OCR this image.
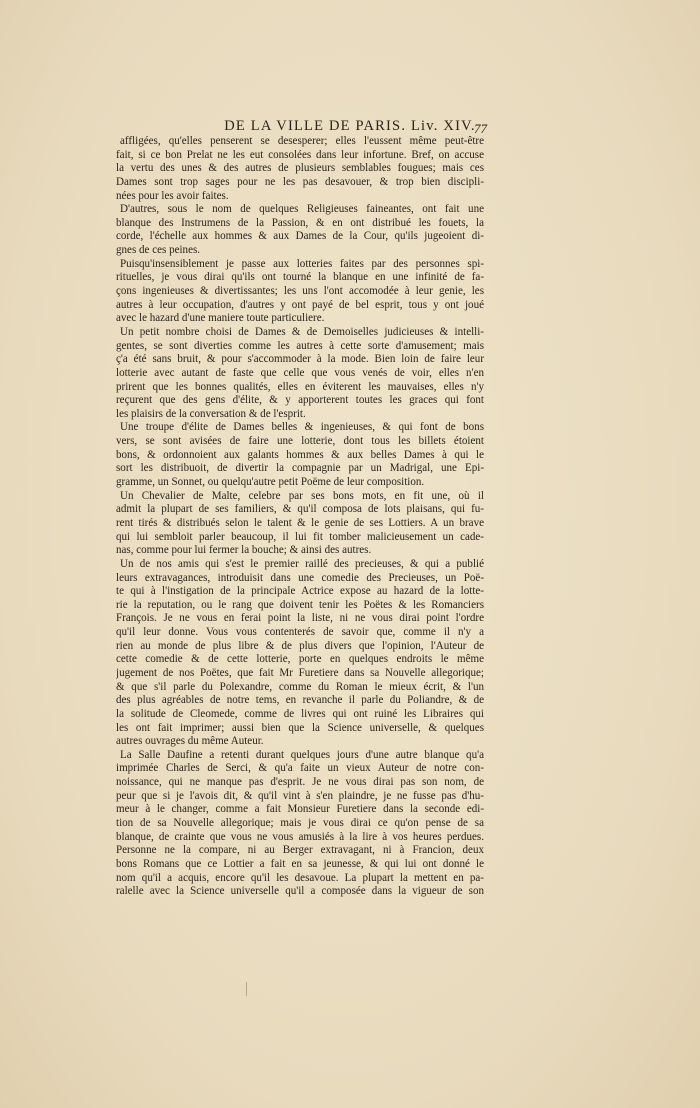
DE LA VILLE DE PARIS. Liv. XIV.
77
affligées, qu'elles penserent se desesperer; elles l'eussent même peut-être
fait, si ce bon Prelat ne les eut consolées dans leur infortune. Bref, on accuse
la vertu des unes & des autres de plusieurs semblables fougues; mais ces
Dames sont trop sages pour ne les pas desavouer, & trop bien discipli-
nées pour les avoir faites.
D'autres, sous le nom de quelques Religieuses faineantes, ont fait une
blanque des Instrumens de la Passion, & en ont distribué les fouets, la
corde, l'échelle aux hommes & aux Dames de la Cour, qu'ils jugeoient di-
gnes de ces peines.
Puisqu'insensiblement je passe aux lotteries faites par des personnes spi-
rituelles, je vous dirai qu'ils ont tourné la blanque en une infinité de fa-
çons ingenieuses & divertissantes; les uns l'ont accomodée à leur genie, les
autres à leur occupation, d'autres y ont payé de bel esprit, tous y ont joué
avec le hazard d'une maniere toute particuliere.
Un petit nombre choisi de Dames & de Demoiselles judicieuses & intelli-
gentes, se sont diverties comme les autres à cette sorte d'amusement; mais
ç'a été sans bruit, & pour s'accommoder à la mode. Bien loin de faire leur
lotterie avec autant de faste que celle que vous venés de voir, elles n'en
prirent que les bonnes qualités, elles en éviterent les mauvaises, elles n'y
reçurent que des gens d'élite, & y apporterent toutes les graces qui font
les plaisirs de la conversation & de l'esprit.
Une troupe d'élite de Dames belles & ingenieuses, & qui font de bons
vers, se sont avisées de faire une lotterie, dont tous les billets étoient
bons, & ordonnoient aux galants hommes & aux belles Dames à qui le
sort les distribuoit, de divertir la compagnie par un Madrigal, une Epi-
gramme, un Sonnet, ou quelqu'autre petit Poëme de leur composition.
Un Chevalier de Malte, celebre par ses bons mots, en fit une, où il
admit la plupart de ses familiers, & qu'il composa de lots plaisans, qui fu-
rent tirés & distribués selon le talent & le genie de ses Lottiers. A un brave
qui lui sembloit parler beaucoup, il lui fit tomber malicieusement un cade-
nas, comme pour lui fermer la bouche; & ainsi des autres.
Un de nos amis qui s'est le premier raillé des precieuses, & qui a publié
leurs extravagances, introduisit dans une comedie des Precieuses, un Poë-
te qui à l'instigation de la principale Actrice expose au hazard de la lotte-
rie la reputation, ou le rang que doivent tenir les Poëtes & les Romanciers
François. Je ne vous en ferai point la liste, ni ne vous dirai point l'ordre
qu'il leur donne. Vous vous contenterés de savoir que, comme il n'y a
rien au monde de plus libre & de plus divers que l'opinion, l'Auteur de
cette comedie & de cette lotterie, porte en quelques endroits le même
jugement de nos Poëtes, que fait Mr Furetiere dans sa Nouvelle allegorique;
& que s'il parle du Polexandre, comme du Roman le mieux écrit, & l'un
des plus agréables de notre tems, en revanche il parle du Poliandre, & de
la solitude de Cleomede, comme de livres qui ont ruiné les Libraires qui
les ont fait imprimer; aussi bien que la Science universelle, & quelques
autres ouvrages du même Auteur.
La Salle Daufine a retenti durant quelques jours d'une autre blanque qu'a
imprimée Charles de Serci, & qu'a faite un vieux Auteur de notre con-
noissance, qui ne manque pas d'esprit. Je ne vous dirai pas son nom, de
peur que si je l'avois dit, & qu'il vint à s'en plaindre, je ne fusse pas d'hu-
meur à le changer, comme a fait Monsieur Furetiere dans la seconde edi-
tion de sa Nouvelle allegorique; mais je vous dirai ce qu'on pense de sa
blanque, de crainte que vous ne vous amusiés à la lire à vos heures perdues.
Personne ne la compare, ni au Berger extravagant, ni à Francion, deux
bons Romans que ce Lottier a fait en sa jeunesse, & qui lui ont donné le
nom qu'il a acquis, encore qu'il les desavoue. La plupart la mettent en pa-
ralelle avec la Science universelle qu'il a composée dans la vigueur de son
